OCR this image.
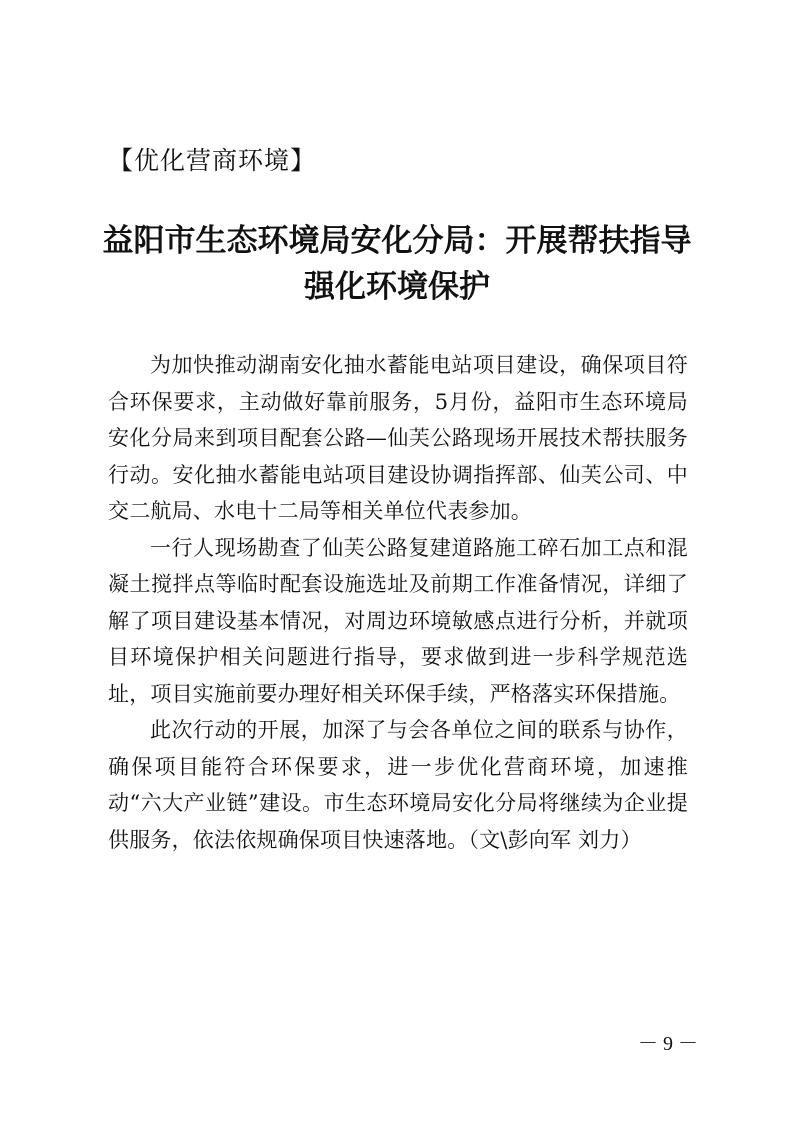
【优化营商环境】
益阳市生态环境局安化分局：开展帮扶指导
强化环境保护

为加快推动湖南安化抽水蓄能电站项目建设，确保项目符合环保要求，主动做好靠前服务，5月份，益阳市生态环境局安化分局来到项目配套公路—仙芙公路现场开展技术帮扶服务行动。安化抽水蓄能电站项目建设协调指挥部、仙芙公司、中交二航局、水电十二局等相关单位代表参加。

一行人现场勘查了仙芙公路复建道路施工碎石加工点和混凝土搅拌点等临时配套设施选址及前期工作准备情况，详细了解了项目建设基本情况，对周边环境敏感点进行分析，并就项目环境保护相关问题进行指导，要求做到进一步科学规范选址，项目实施前要办理好相关环保手续，严格落实环保措施。

此次行动的开展，加深了与会各单位之间的联系与协作，确保项目能符合环保要求，进一步优化营商环境，加速推动“六大产业链”建设。市生态环境局安化分局将继续为企业提供服务，依法依规确保项目快速落地。（文\彭向军 刘力）

－ 9 －
